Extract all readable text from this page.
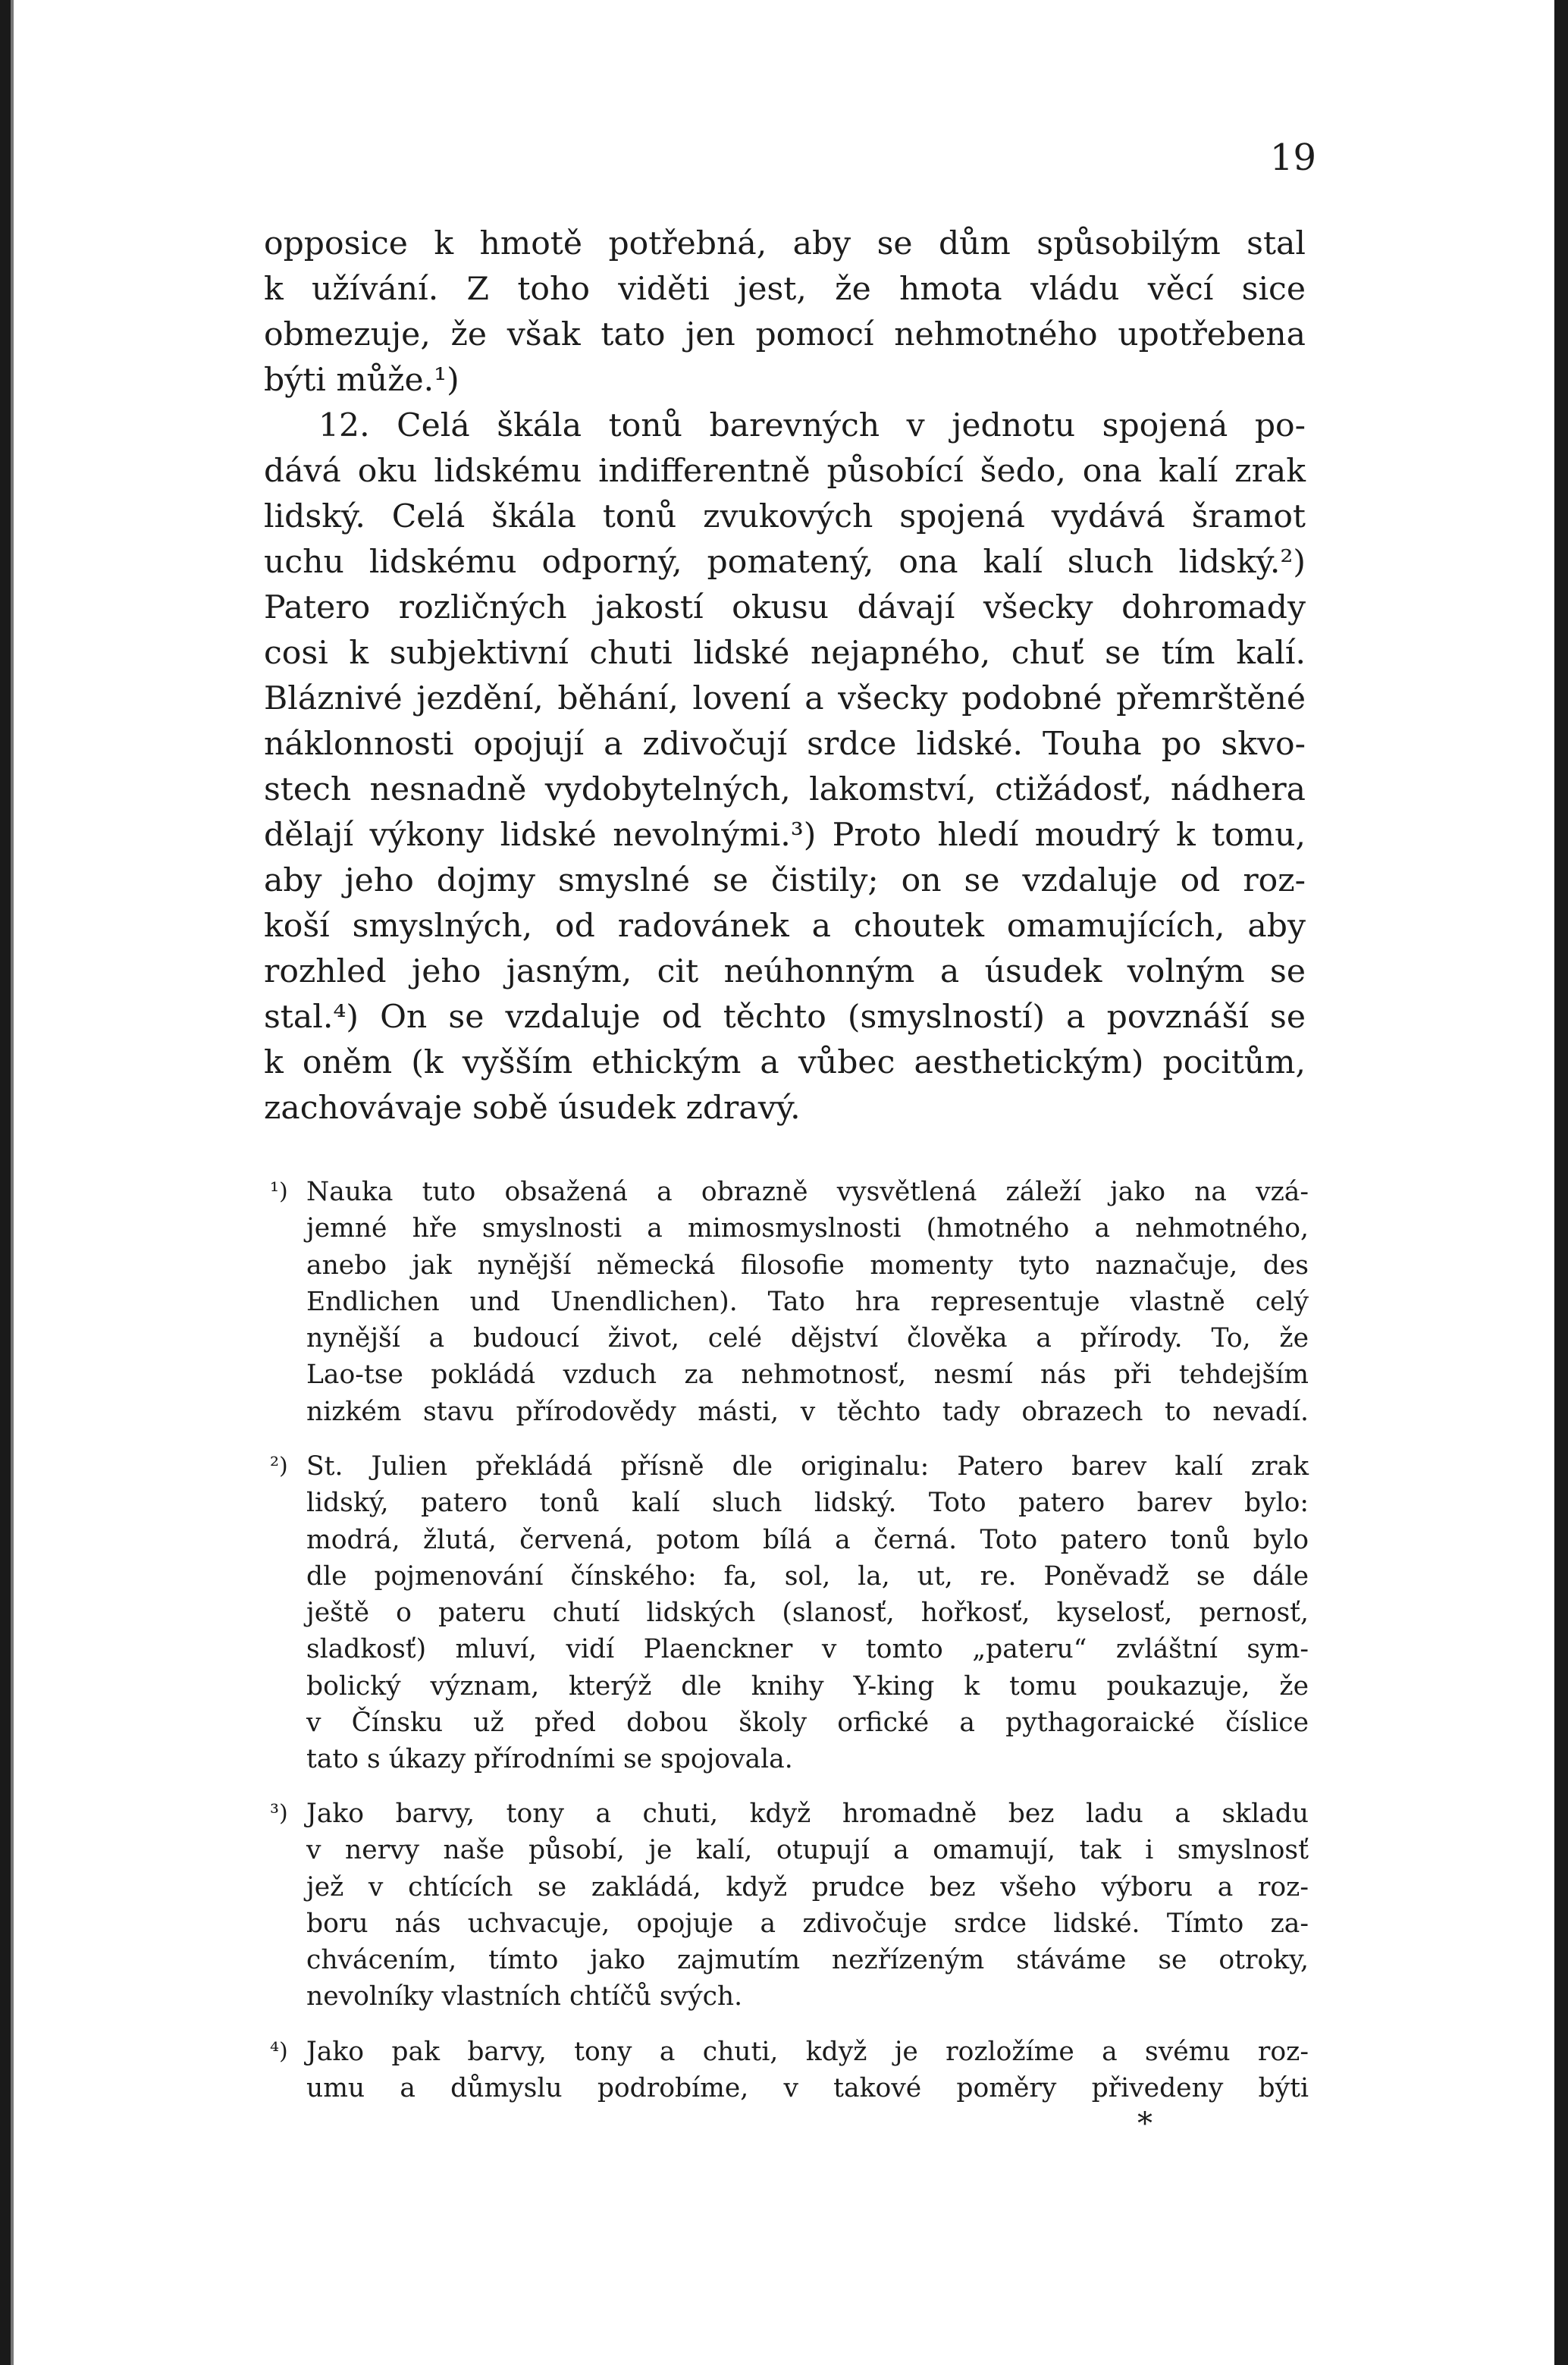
19
opposice k hmotě potřebná, aby se dům spůsobilým stal
k užívání. Z toho viděti jest, že hmota vládu věcí sice
obmezuje, že však tato jen pomocí nehmotného upotřebena
býti může.¹)
12. Celá škála tonů barevných v jednotu spojená po-
dává oku lidskému indifferentně působící šedo, ona kalí zrak
lidský. Celá škála tonů zvukových spojená vydává šramot
uchu lidskému odporný, pomatený, ona kalí sluch lidský.²)
Patero rozličných jakostí okusu dávají všecky dohromady
cosi k subjektivní chuti lidské nejapného, chuť se tím kalí.
Bláznivé jezdění, běhání, lovení a všecky podobné přemrštěné
náklonnosti opojují a zdivočují srdce lidské. Touha po skvo-
stech nesnadně vydobytelných, lakomství, ctižádosť, nádhera
dělají výkony lidské nevolnými.³) Proto hledí moudrý k tomu,
aby jeho dojmy smyslné se čistily; on se vzdaluje od roz-
koší smyslných, od radovánek a choutek omamujících, aby
rozhled jeho jasným, cit neúhonným a úsudek volným se
stal.⁴) On se vzdaluje od těchto (smyslností) a povznáší se
k oněm (k vyšším ethickým a vůbec aesthetickým) pocitům,
zachovávaje sobě úsudek zdravý.
¹) Nauka tuto obsažená a obrazně vysvětlená záleží jako na vzá-
jemné hře smyslnosti a mimosmyslnosti (hmotného a nehmotného,
anebo jak nynější německá filosofie momenty tyto naznačuje, des
Endlichen und Unendlichen). Tato hra representuje vlastně celý
nynější a budoucí život, celé dějství člověka a přírody. To, že
Lao-tse pokládá vzduch za nehmotnosť, nesmí nás při tehdejším
nizkém stavu přírodovědy másti, v těchto tady obrazech to nevadí.
²) St. Julien překládá přísně dle originalu: Patero barev kalí zrak
lidský, patero tonů kalí sluch lidský. Toto patero barev bylo:
modrá, žlutá, červená, potom bílá a černá. Toto patero tonů bylo
dle pojmenování čínského: fa, sol, la, ut, re. Poněvadž se dále
ještě o pateru chutí lidských (slanosť, hořkosť, kyselosť, pernosť,
sladkosť) mluví, vidí Plaenckner v tomto „pateru“ zvláštní sym-
bolický význam, kterýž dle knihy Y-king k tomu poukazuje, že
v Čínsku už před dobou školy orfické a pythagoraické číslice
tato s úkazy přírodními se spojovala.
³) Jako barvy, tony a chuti, když hromadně bez ladu a skladu
v nervy naše působí, je kalí, otupují a omamují, tak i smyslnosť
jež v chtících se zakládá, když prudce bez všeho výboru a roz-
boru nás uchvacuje, opojuje a zdivočuje srdce lidské. Tímto za-
chvácením, tímto jako zajmutím nezřízeným stáváme se otroky,
nevolníky vlastních chtíčů svých.
⁴) Jako pak barvy, tony a chuti, když je rozložíme a svému roz-
umu a důmyslu podrobíme, v takové poměry přivedeny býti
*
